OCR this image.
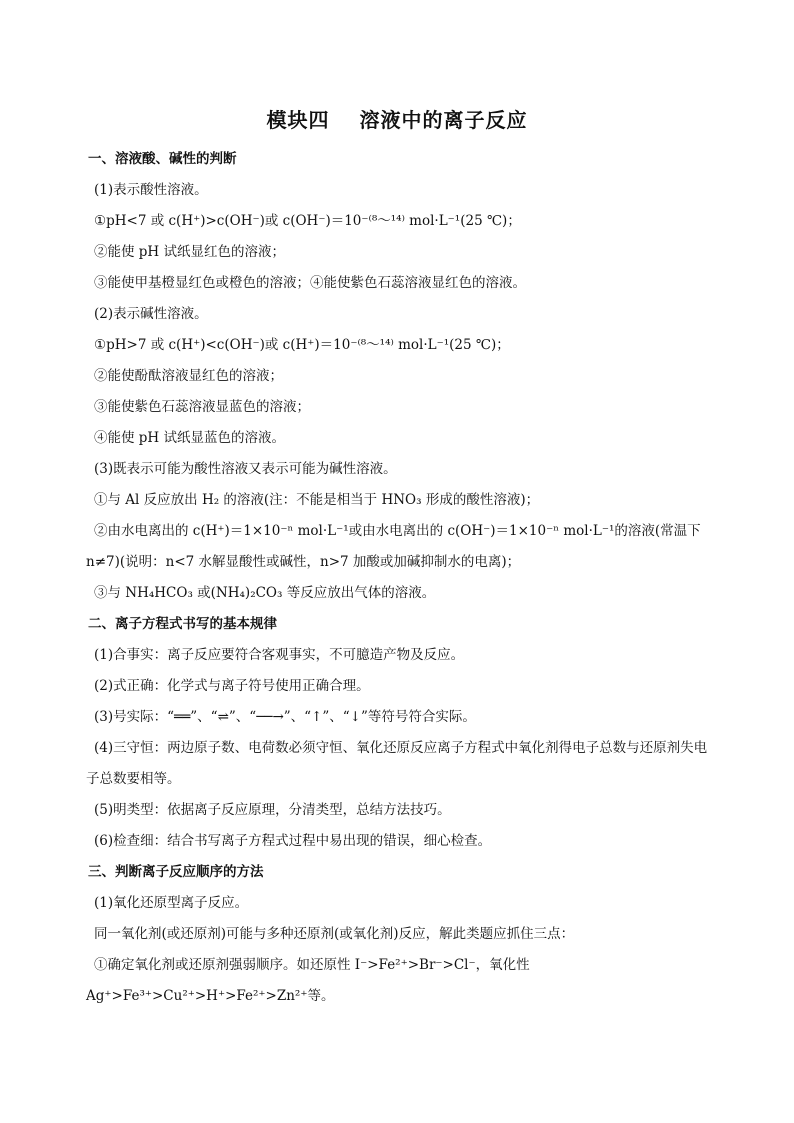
模块四 溶液中的离子反应
一、溶液酸、碱性的判断
(1)表示酸性溶液。
①pH<7 或 c(H⁺)>c(OH⁻)或 c(OH⁻)＝10⁻⁽⁸～¹⁴⁾ mol·L⁻¹(25 ℃)；
②能使 pH 试纸显红色的溶液；
③能使甲基橙显红色或橙色的溶液；④能使紫色石蕊溶液显红色的溶液。
(2)表示碱性溶液。
①pH>7 或 c(H⁺)<c(OH⁻)或 c(H⁺)＝10⁻⁽⁸～¹⁴⁾ mol·L⁻¹(25 ℃)；
②能使酚酞溶液显红色的溶液；
③能使紫色石蕊溶液显蓝色的溶液；
④能使 pH 试纸显蓝色的溶液。
(3)既表示可能为酸性溶液又表示可能为碱性溶液。
①与 Al 反应放出 H₂ 的溶液(注：不能是相当于 HNO₃ 形成的酸性溶液)；
②由水电离出的 c(H⁺)＝1×10⁻ⁿ mol·L⁻¹或由水电离出的 c(OH⁻)＝1×10⁻ⁿ mol·L⁻¹的溶液(常温下 n≠7)(说明：n<7 水解显酸性或碱性，n>7 加酸或加碱抑制水的电离)；
③与 NH₄HCO₃ 或(NH₄)₂CO₃ 等反应放出气体的溶液。
二、离子方程式书写的基本规律
(1)合事实：离子反应要符合客观事实，不可臆造产物及反应。
(2)式正确：化学式与离子符号使用正确合理。
(3)号实际：“══”、“⇌”、“──→”、“↑”、“↓”等符号符合实际。
(4)三守恒：两边原子数、电荷数必须守恒、氧化还原反应离子方程式中氧化剂得电子总数与还原剂失电子总数要相等。
(5)明类型：依据离子反应原理，分清类型，总结方法技巧。
(6)检查细：结合书写离子方程式过程中易出现的错误，细心检查。
三、判断离子反应顺序的方法
(1)氧化还原型离子反应。
同一氧化剂(或还原剂)可能与多种还原剂(或氧化剂)反应，解此类题应抓住三点：
①确定氧化剂或还原剂强弱顺序。如还原性 I⁻>Fe²⁺>Br⁻>Cl⁻，氧化性 Ag⁺>Fe³⁺>Cu²⁺>H⁺>Fe²⁺>Zn²⁺等。
